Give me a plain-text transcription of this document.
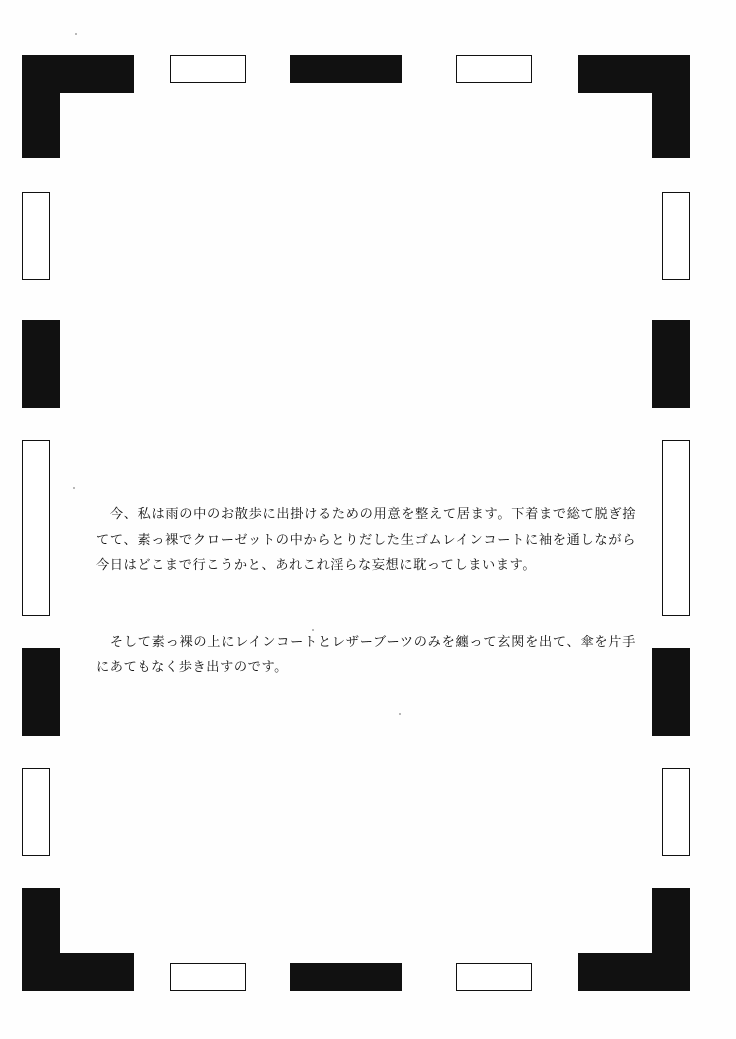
　今、私は雨の中のお散歩に出掛けるための用意を整えて居ます。下着まで総て脱ぎ捨てて、素っ裸でクローゼットの中からとりだした生ゴムレインコートに袖を通しながら今日はどこまで行こうかと、あれこれ淫らな妄想に耽ってしまいます。

　そして素っ裸の上にレインコートとレザーブーツのみを纏って玄関を出て、傘を片手にあてもなく歩き出すのです。
